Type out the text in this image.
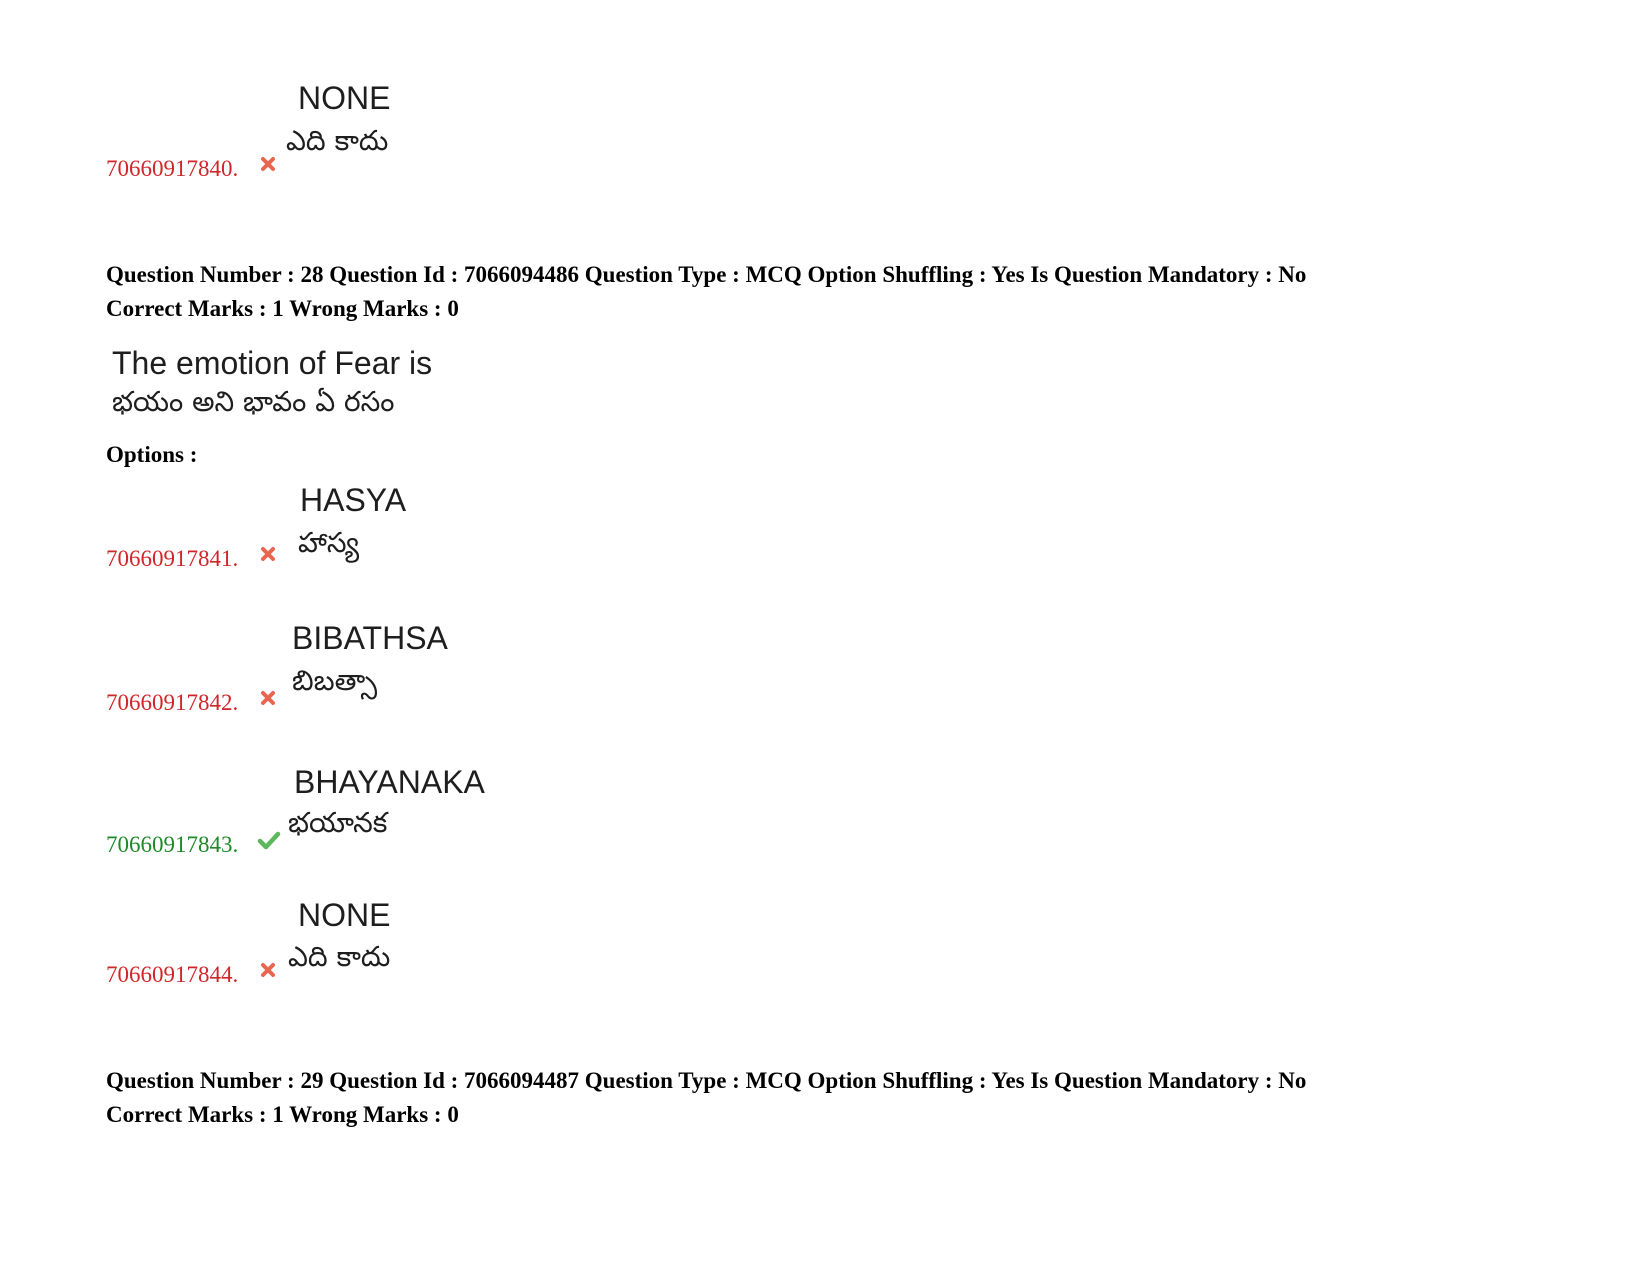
NONE
ఎది కాదు
70660917840.
Question Number : 28 Question Id : 7066094486 Question Type : MCQ Option Shuffling : Yes Is Question Mandatory : No
Correct Marks : 1 Wrong Marks : 0
The emotion of Fear is
భయం అని భావం ఏ రసం
Options :
HASYA
హాస్య
70660917841.
BIBATHSA
బిబత్సా
70660917842.
BHAYANAKA
భయానక
70660917843.
NONE
ఎది కాదు
70660917844.
Question Number : 29 Question Id : 7066094487 Question Type : MCQ Option Shuffling : Yes Is Question Mandatory : No
Correct Marks : 1 Wrong Marks : 0
